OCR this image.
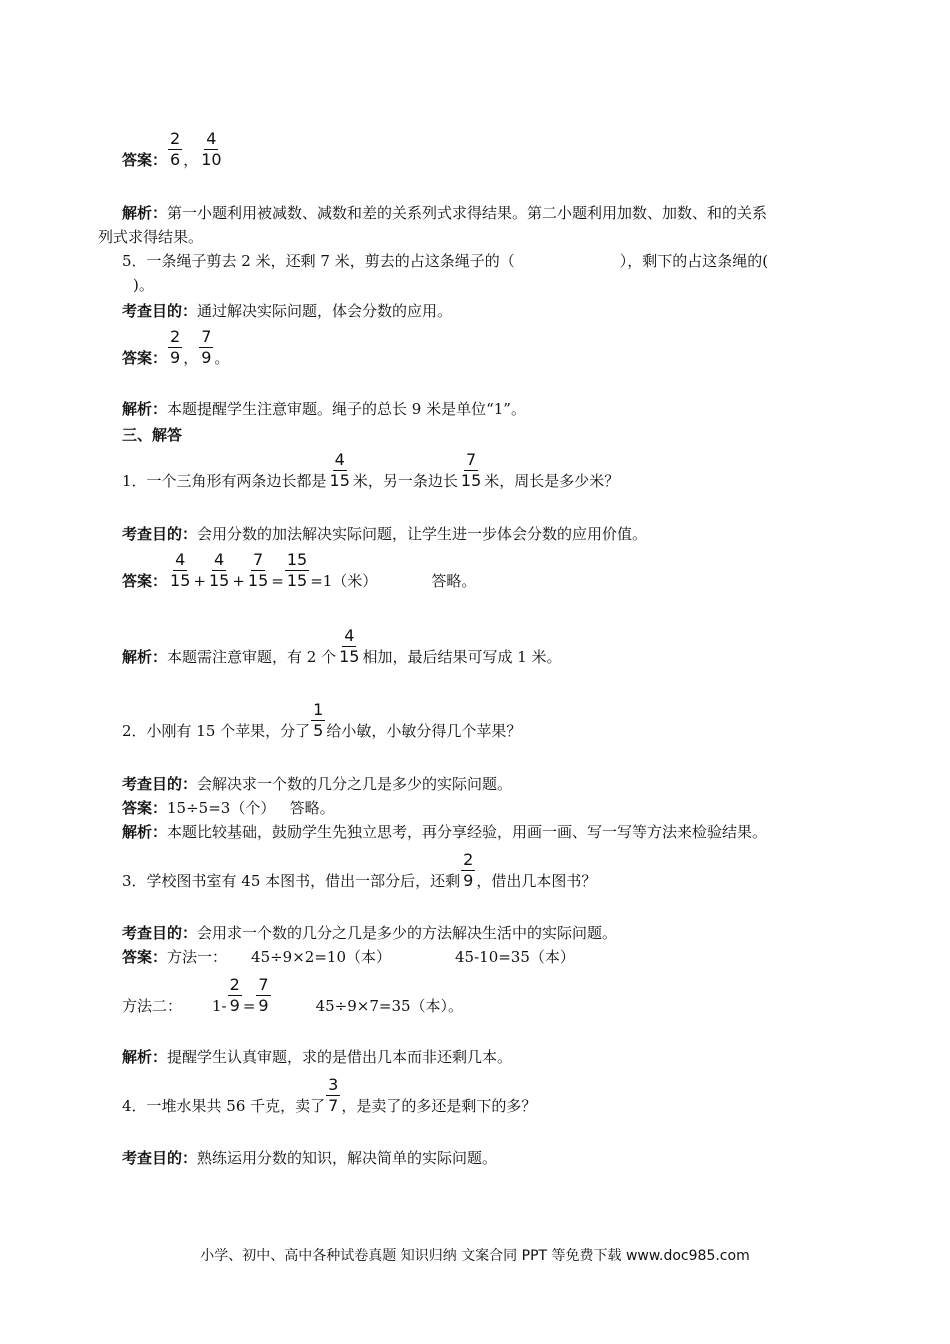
答案： $\frac{2}{6}$ ， $\frac{4}{10}$
解析：第一小题利用被减数、减数和差的关系列式求得结果。第二小题利用加数、加数、和的关系
列式求得结果。
5．一条绳子剪去 2 米，还剩 7 米，剪去的占这条绳子的（	），剩下的占这条绳的(
)。
考查目的：通过解决实际问题，体会分数的应用。
答案： $\frac{2}{9}$ ， $\frac{7}{9}$ 。
解析：本题提醒学生注意审题。绳子的总长 9 米是单位“1”。
三、解答
1．一个三角形有两条边长都是 $\frac{4}{15}$ 米，另一条边长 $\frac{7}{15}$ 米，周长是多少米？
考查目的：会用分数的加法解决实际问题，让学生进一步体会分数的应用价值。
答案： $\frac{4}{15} + \frac{4}{15} + \frac{7}{15} = \frac{15}{15} =1$（米）	答略。
解析：本题需注意审题，有 2 个 $\frac{4}{15}$ 相加，最后结果可写成 1 米。
2．小刚有 15 个苹果，分了 $\frac{1}{5}$ 给小敏，小敏分得几个苹果？
考查目的：会解决求一个数的几分之几是多少的实际问题。
答案：15÷5=3（个）   答略。
解析：本题比较基础，鼓励学生先独立思考，再分享经验，用画一画、写一写等方法来检验结果。
3．学校图书室有 45 本图书，借出一部分后，还剩 $\frac{2}{9}$ ，借出几本图书？
考查目的：会用求一个数的几分之几是多少的方法解决生活中的实际问题。
答案：方法一： 45÷9×2=10（本）	45-10=35（本）
方法二： $1- \frac{2}{9} = \frac{7}{9}$	45÷9×7=35（本）。
解析：提醒学生认真审题，求的是借出几本而非还剩几本。
4．一堆水果共 56 千克，卖了 $\frac{3}{7}$ ，是卖了的多还是剩下的多？
考查目的：熟练运用分数的知识，解决简单的实际问题。
小学、初中、高中各种试卷真题 知识归纳 文案合同 PPT 等免费下载 www.doc985.com
